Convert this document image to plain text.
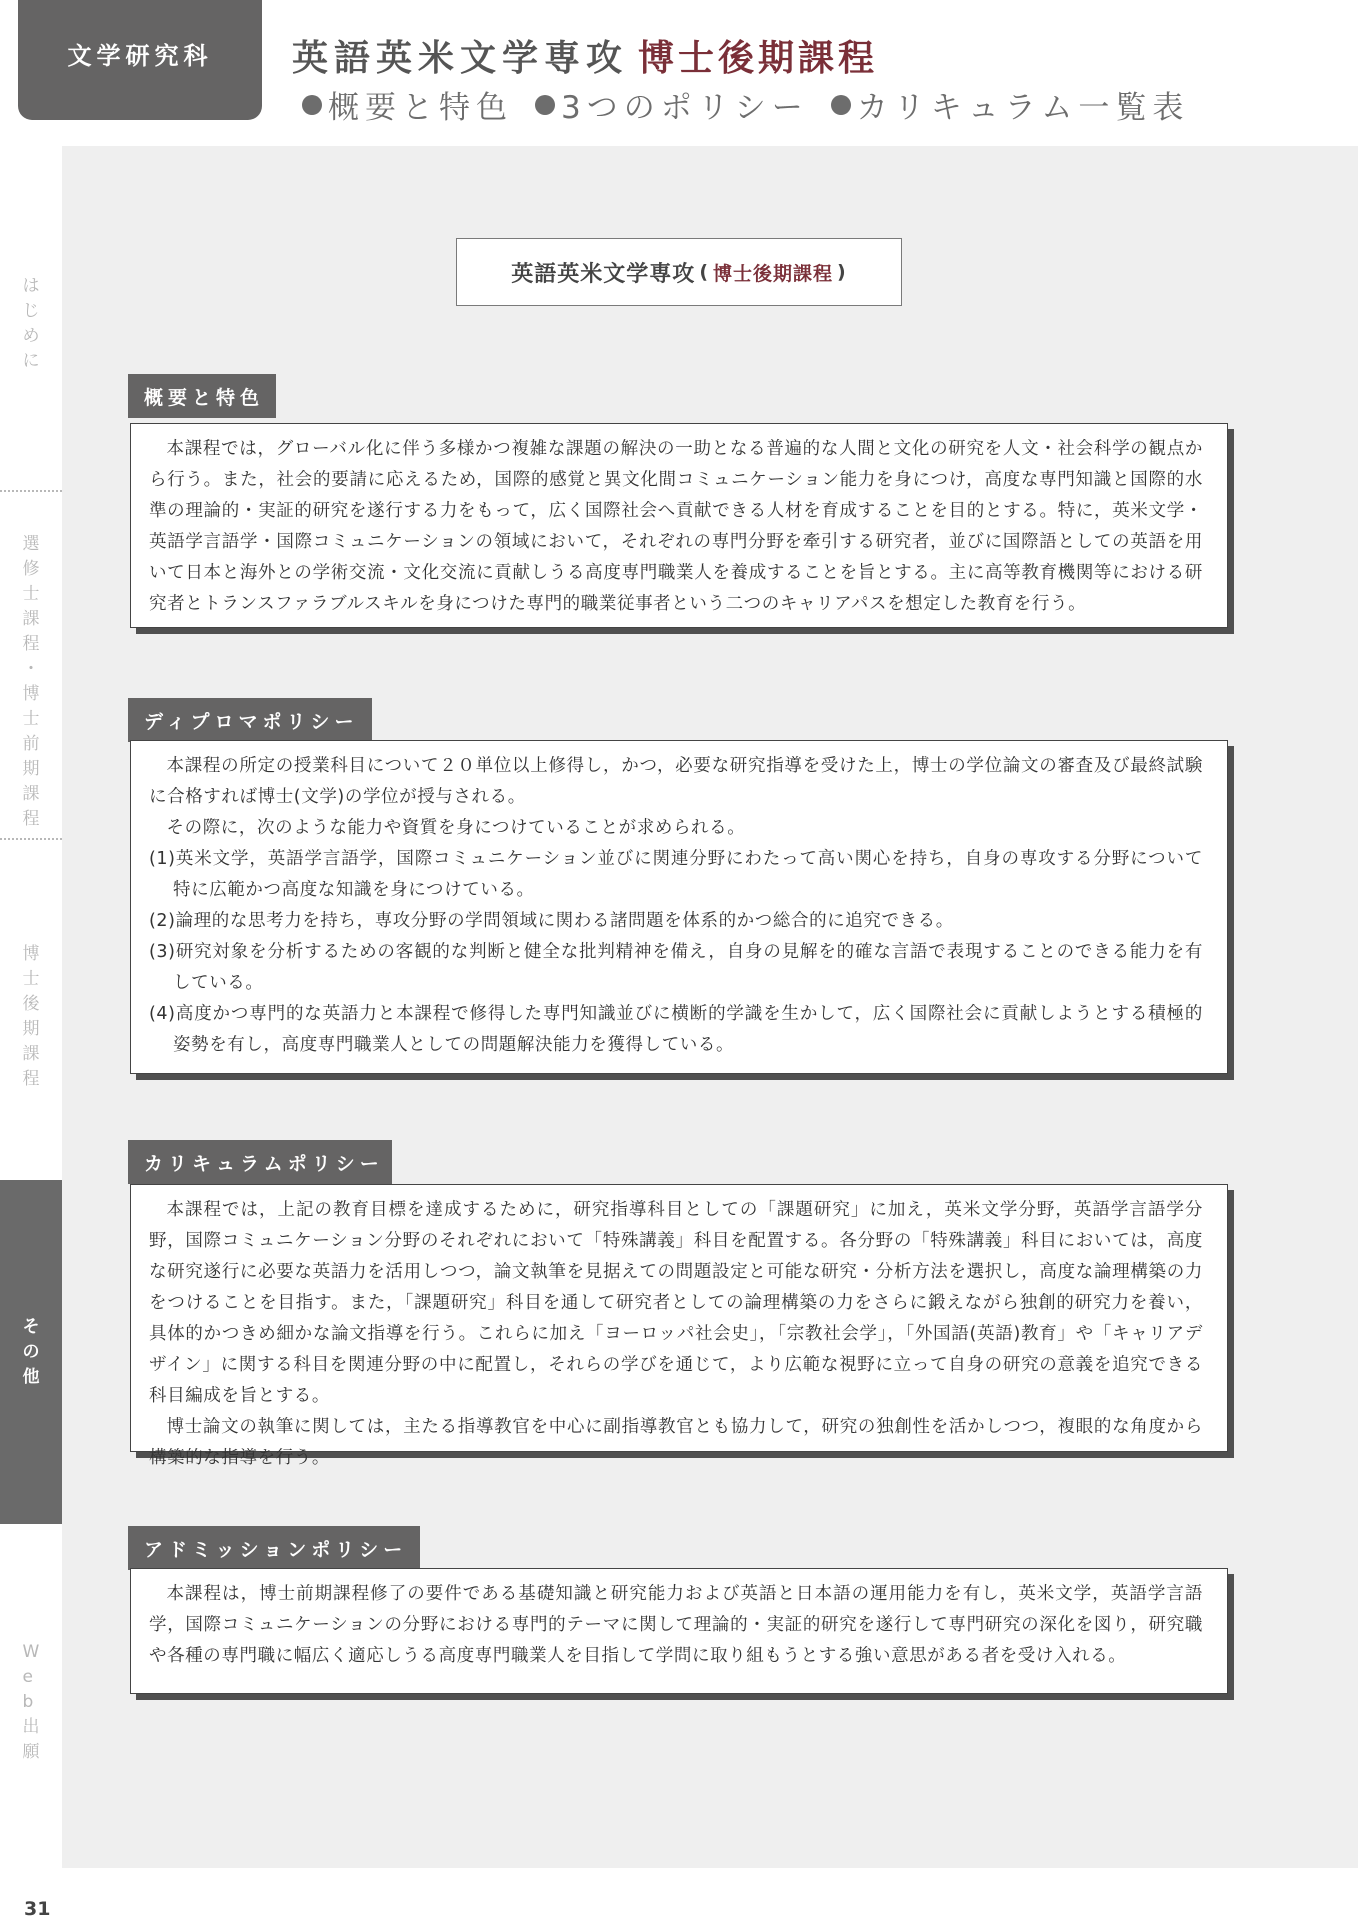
文学研究科 英語英米文学専攻 博士後期課程
概要と特色 3つのポリシー カリキュラム一覧表
は
じ
め
に
選
修
士
課
程
・
博
士
前
期
課
程
博
士
後
期
課
程
そ
の
他
W
e
b
出
願
英語英米文学専攻 ( 博士後期課程 )
概要と特色

本課程では，グローバル化に伴う多様かつ複雑な課題の解決の一助となる普遍的な人間と文化の研究を人文・社会科学の観点から行う。また，社会的要請に応えるため，国際的感覚と異文化間コミュニケーション能力を身につけ，高度な専門知識と国際的水準の理論的・実証的研究を遂行する力をもって，広く国際社会へ貢献できる人材を育成することを目的とする。特に，英米文学・英語学言語学・国際コミュニケーションの領域において，それぞれの専門分野を牽引する研究者，並びに国際語としての英語を用いて日本と海外との学術交流・文化交流に貢献しうる高度専門職業人を養成することを旨とする。主に高等教育機関等における研究者とトランスファラブルスキルを身につけた専門的職業従事者という二つのキャリアパスを想定した教育を行う。

ディプロマポリシー

本課程の所定の授業科目について２０単位以上修得し，かつ，必要な研究指導を受けた上，博士の学位論文の審査及び最終試験に合格すれば博士(文学)の学位が授与される。

その際に，次のような能力や資質を身につけていることが求められる。

(1)英米文学，英語学言語学，国際コミュニケーション並びに関連分野にわたって高い関心を持ち，自身の専攻する分野について特に広範かつ高度な知識を身につけている。

(2)論理的な思考力を持ち，専攻分野の学問領域に関わる諸問題を体系的かつ総合的に追究できる。

(3)研究対象を分析するための客観的な判断と健全な批判精神を備え，自身の見解を的確な言語で表現することのできる能力を有している。

(4)高度かつ専門的な英語力と本課程で修得した専門知識並びに横断的学識を生かして，広く国際社会に貢献しようとする積極的姿勢を有し，高度専門職業人としての問題解決能力を獲得している。

カリキュラムポリシー

本課程では，上記の教育目標を達成するために，研究指導科目としての「課題研究」に加え，英米文学分野，英語学言語学分野，国際コミュニケーション分野のそれぞれにおいて「特殊講義」科目を配置する。各分野の「特殊講義」科目においては，高度な研究遂行に必要な英語力を活用しつつ，論文執筆を見据えての問題設定と可能な研究・分析方法を選択し，高度な論理構築の力をつけることを目指す。また，「課題研究」科目を通して研究者としての論理構築の力をさらに鍛えながら独創的研究力を養い，具体的かつきめ細かな論文指導を行う。これらに加え「ヨーロッパ社会史」，「宗教社会学」，「外国語(英語)教育」や「キャリアデザイン」に関する科目を関連分野の中に配置し，それらの学びを通じて，より広範な視野に立って自身の研究の意義を追究できる科目編成を旨とする。

博士論文の執筆に関しては，主たる指導教官を中心に副指導教官とも協力して，研究の独創性を活かしつつ，複眼的な角度から構築的な指導を行う。

アドミッションポリシー

本課程は，博士前期課程修了の要件である基礎知識と研究能力および英語と日本語の運用能力を有し，英米文学，英語学言語学，国際コミュニケーションの分野における専門的テーマに関して理論的・実証的研究を遂行して専門研究の深化を図り，研究職や各種の専門職に幅広く適応しうる高度専門職業人を目指して学問に取り組もうとする強い意思がある者を受け入れる。

31
